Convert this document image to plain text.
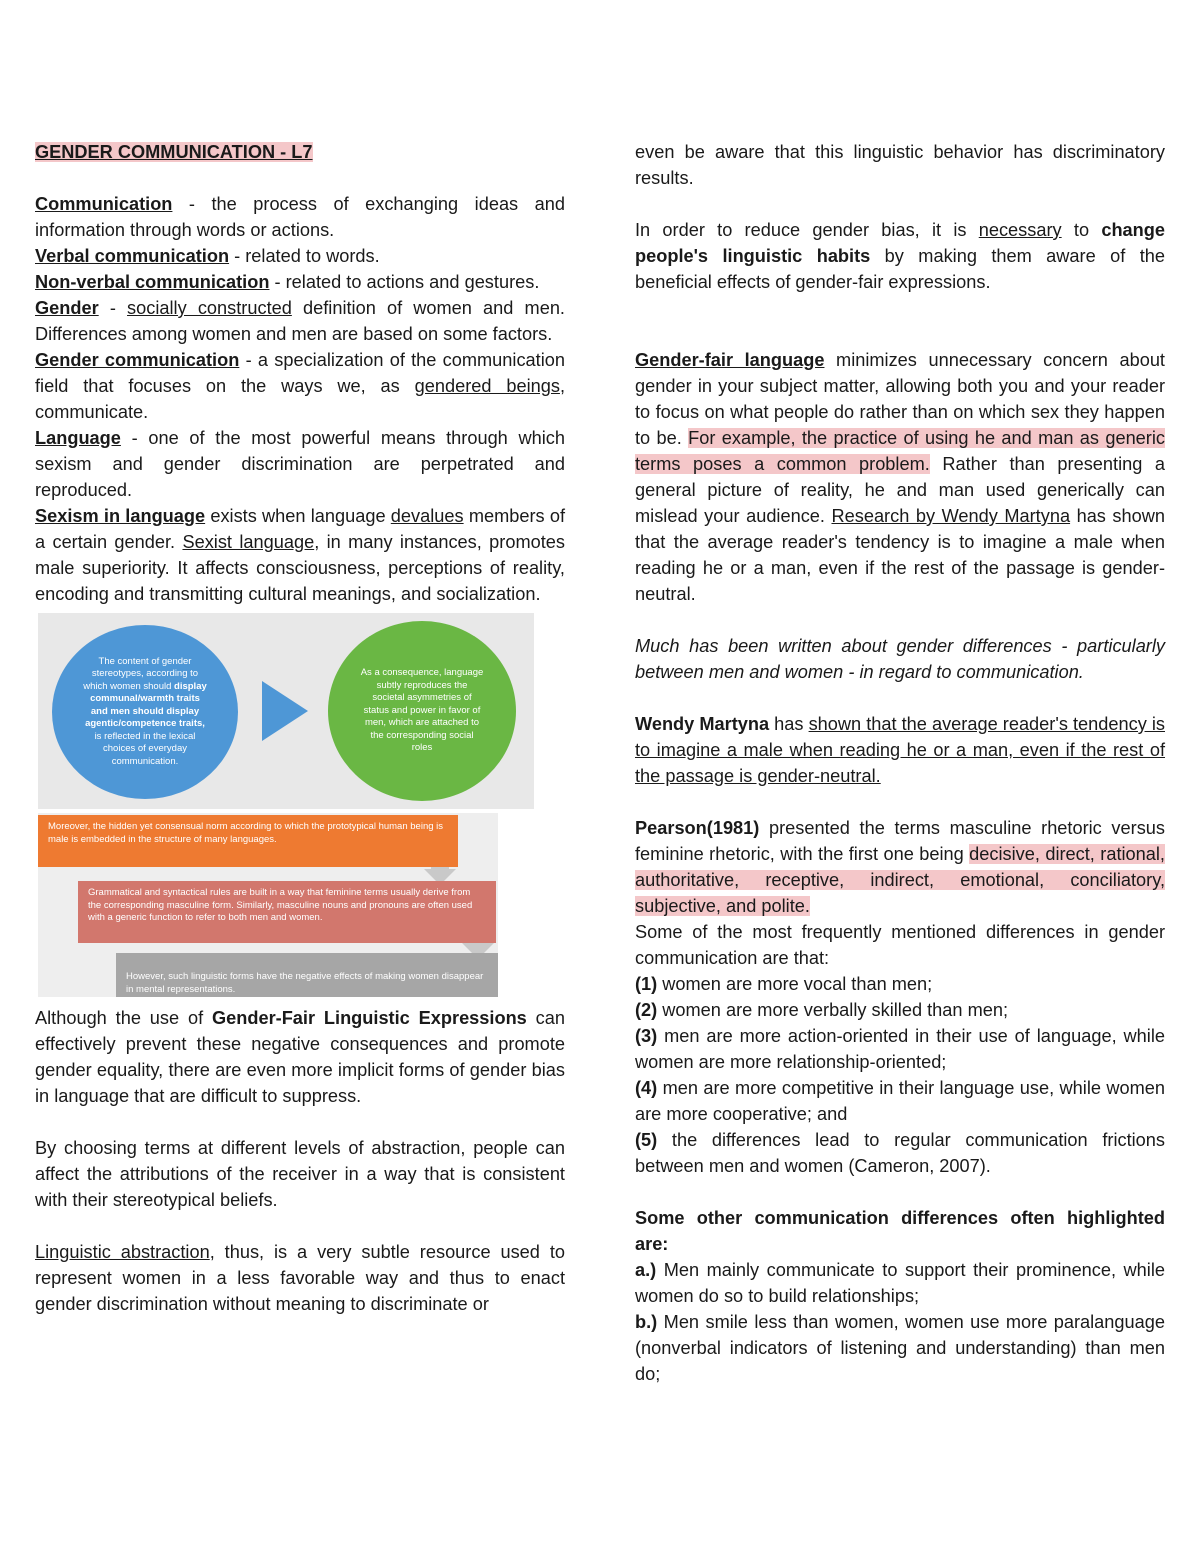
GENDER COMMUNICATION - L7

Communication - the process of exchanging ideas and information through words or actions.

Verbal communication - related to words.

Non-verbal communication - related to actions and gestures.

Gender - socially constructed definition of women and men. Differences among women and men are based on some factors.

Gender communication - a specialization of the communication field that focuses on the ways we, as gendered beings, communicate.

Language - one of the most powerful means through which sexism and gender discrimination are perpetrated and reproduced.

Sexism in language exists when language devalues members of a certain gender. Sexist language, in many instances, promotes male superiority. It affects consciousness, perceptions of reality, encoding and transmitting cultural meanings, and socialization.

The content of gender stereotypes, according to which women should display communal/warmth traits and men should display agentic/competence traits, is reflected in the lexical choices of everyday communication.
As a consequence, language subtly reproduces the societal asymmetries of status and power in favor of men, which are attached to the corresponding social roles
Moreover, the hidden yet consensual norm according to which the prototypical human being is male is embedded in the structure of many languages.
Grammatical and syntactical rules are built in a way that feminine terms usually derive from the corresponding masculine form. Similarly, masculine nouns and pronouns are often used with a generic function to refer to both men and women.
However, such linguistic forms have the negative effects of making women disappear in mental representations.

Although the use of Gender-Fair Linguistic Expressions can effectively prevent these negative consequences and promote gender equality, there are even more implicit forms of gender bias in language that are difficult to suppress.

By choosing terms at different levels of abstraction, people can affect the attributions of the receiver in a way that is consistent with their stereotypical beliefs.

Linguistic abstraction, thus, is a very subtle resource used to represent women in a less favorable way and thus to enact gender discrimination without meaning to discriminate or

even be aware that this linguistic behavior has discriminatory results.

In order to reduce gender bias, it is necessary to change people's linguistic habits by making them aware of the beneficial effects of gender-fair expressions.

Gender-fair language minimizes unnecessary concern about gender in your subject matter, allowing both you and your reader to focus on what people do rather than on which sex they happen to be. For example, the practice of using he and man as generic terms poses a common problem. Rather than presenting a general picture of reality, he and man used generically can mislead your audience. Research by Wendy Martyna has shown that the average reader's tendency is to imagine a male when reading he or a man, even if the rest of the passage is gender-neutral.

Much has been written about gender differences - particularly between men and women - in regard to communication.

Wendy Martyna has shown that the average reader's tendency is to imagine a male when reading he or a man, even if the rest of the passage is gender-neutral.

Pearson(1981) presented the terms masculine rhetoric versus feminine rhetoric, with the first one being decisive, direct, rational, authoritative, receptive, indirect, emotional, conciliatory, subjective, and polite.

Some of the most frequently mentioned differences in gender communication are that:

(1) women are more vocal than men;

(2) women are more verbally skilled than men;

(3) men are more action-oriented in their use of language, while women are more relationship-oriented;

(4) men are more competitive in their language use, while women are more cooperative; and

(5) the differences lead to regular communication frictions between men and women (Cameron, 2007).

Some other communication differences often highlighted are:

a.) Men mainly communicate to support their prominence, while women do so to build relationships;

b.) Men smile less than women, women use more paralanguage (nonverbal indicators of listening and understanding) than men do;
